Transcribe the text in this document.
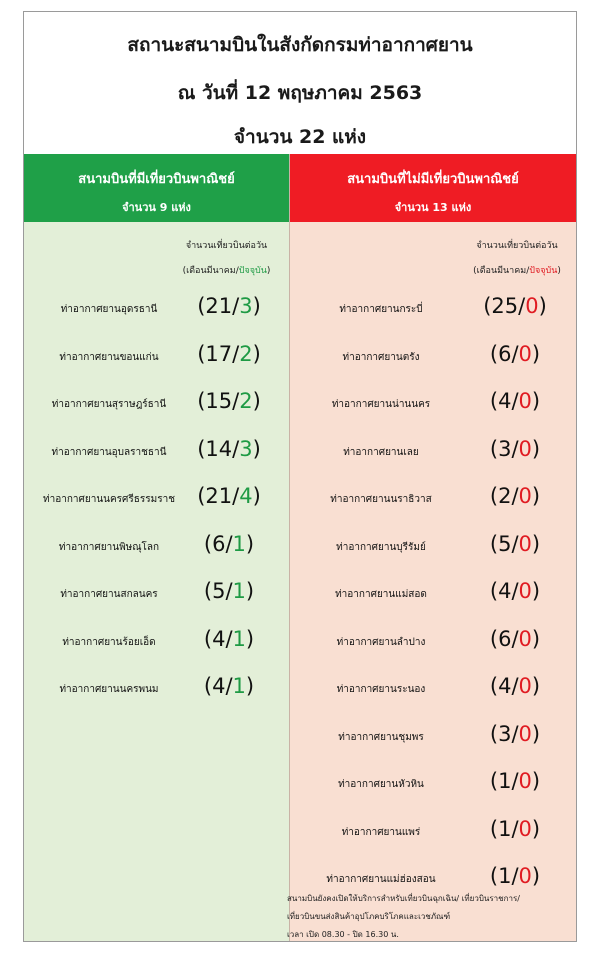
สถานะสนามบินในสังกัดกรมท่าอากาศยาน
ณ วันที่ 12 พฤษภาคม 2563
จำนวน 22 แห่ง
สนามบินที่มีเที่ยวบินพาณิชย์
จำนวน 9 แห่ง
จำนวนเที่ยวบินต่อวัน
(เดือนมีนาคม/ปัจจุบัน)
ท่าอากาศยานอุดรธานี	(21/3)
ท่าอากาศยานขอนแก่น	(17/2)
ท่าอากาศยานสุราษฎร์ธานี	(15/2)
ท่าอากาศยานอุบลราชธานี	(14/3)
ท่าอากาศยานนครศรีธรรมราช	(21/4)
ท่าอากาศยานพิษณุโลก	(6/1)
ท่าอากาศยานสกลนคร	(5/1)
ท่าอากาศยานร้อยเอ็ด	(4/1)
ท่าอากาศยานนครพนม	(4/1)
สนามบินที่ไม่มีเที่ยวบินพาณิชย์
จำนวน 13 แห่ง
จำนวนเที่ยวบินต่อวัน
(เดือนมีนาคม/ปัจจุบัน)
ท่าอากาศยานกระบี่	(25/0)
ท่าอากาศยานตรัง	(6/0)
ท่าอากาศยานน่านนคร	(4/0)
ท่าอากาศยานเลย	(3/0)
ท่าอากาศยานนราธิวาส	(2/0)
ท่าอากาศยานบุรีรัมย์	(5/0)
ท่าอากาศยานแม่สอด	(4/0)
ท่าอากาศยานลำปาง	(6/0)
ท่าอากาศยานระนอง	(4/0)
ท่าอากาศยานชุมพร	(3/0)
ท่าอากาศยานหัวหิน	(1/0)
ท่าอากาศยานแพร่	(1/0)
ท่าอากาศยานแม่ฮ่องสอน	(1/0)
สนามบินยังคงเปิดให้บริการสำหรับเที่ยวบินฉุกเฉิน/ เที่ยวบินราชการ/
เที่ยวบินขนส่งสินค้าอุปโภคบริโภคและเวชภัณฑ์
เวลา เปิด 08.30 - ปิด 16.30 น.
